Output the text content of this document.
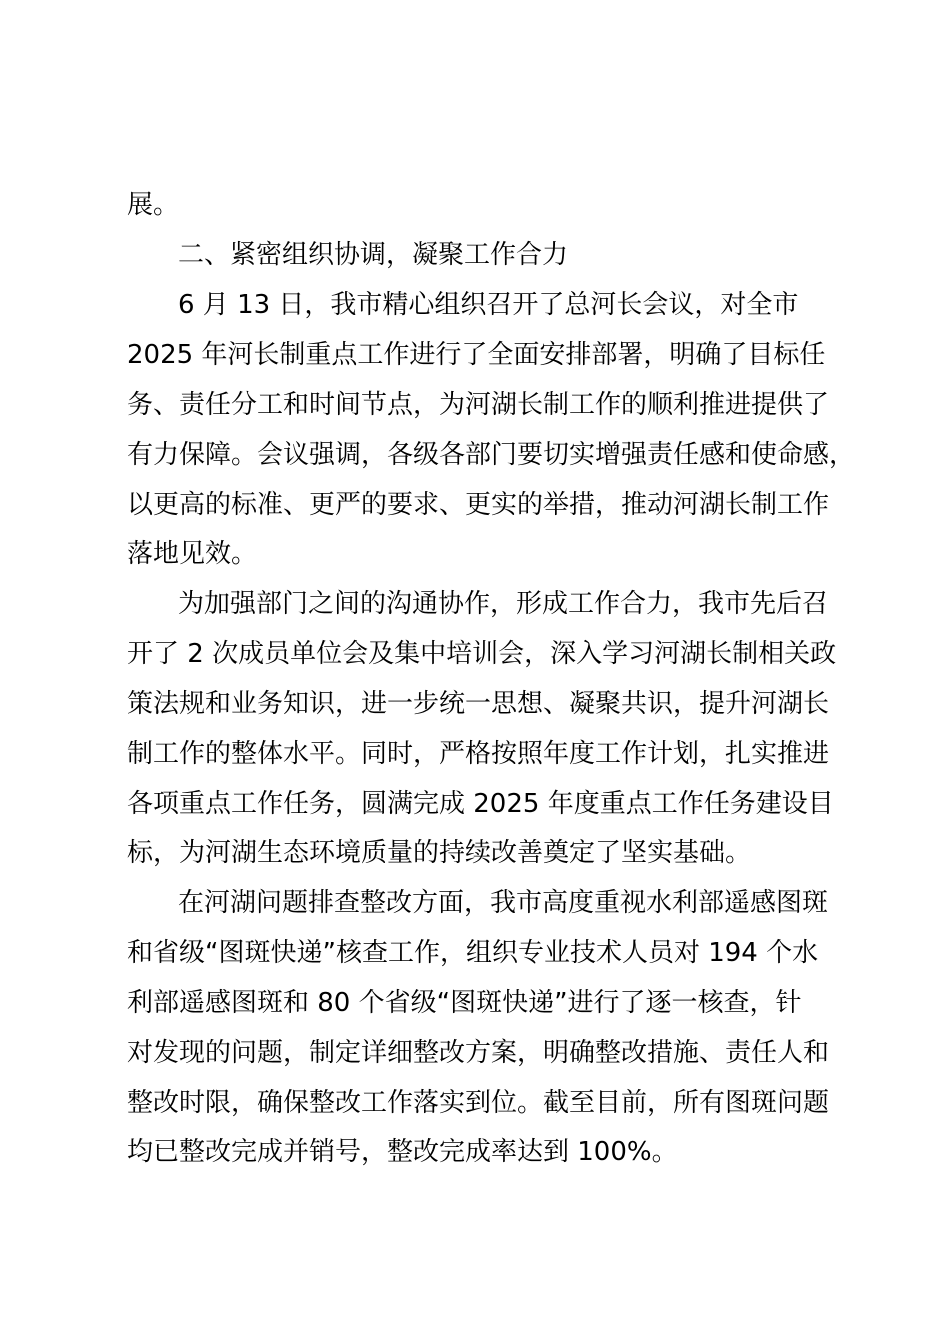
展。
二、紧密组织协调，凝聚工作合力
6 月 13 日，我市精心组织召开了总河长会议，对全市
2025 年河长制重点工作进行了全面安排部署，明确了目标任
务、责任分工和时间节点，为河湖长制工作的顺利推进提供了
有力保障。会议强调，各级各部门要切实增强责任感和使命感，
以更高的标准、更严的要求、更实的举措，推动河湖长制工作
落地见效。
为加强部门之间的沟通协作，形成工作合力，我市先后召
开了 2 次成员单位会及集中培训会，深入学习河湖长制相关政
策法规和业务知识，进一步统一思想、凝聚共识，提升河湖长
制工作的整体水平。同时，严格按照年度工作计划，扎实推进
各项重点工作任务，圆满完成 2025 年度重点工作任务建设目
标，为河湖生态环境质量的持续改善奠定了坚实基础。
在河湖问题排查整改方面，我市高度重视水利部遥感图斑
和省级“图斑快递”核查工作，组织专业技术人员对 194 个水
利部遥感图斑和 80 个省级“图斑快递”进行了逐一核查，针
对发现的问题，制定详细整改方案，明确整改措施、责任人和
整改时限，确保整改工作落实到位。截至目前，所有图斑问题
均已整改完成并销号，整改完成率达到 100%。
